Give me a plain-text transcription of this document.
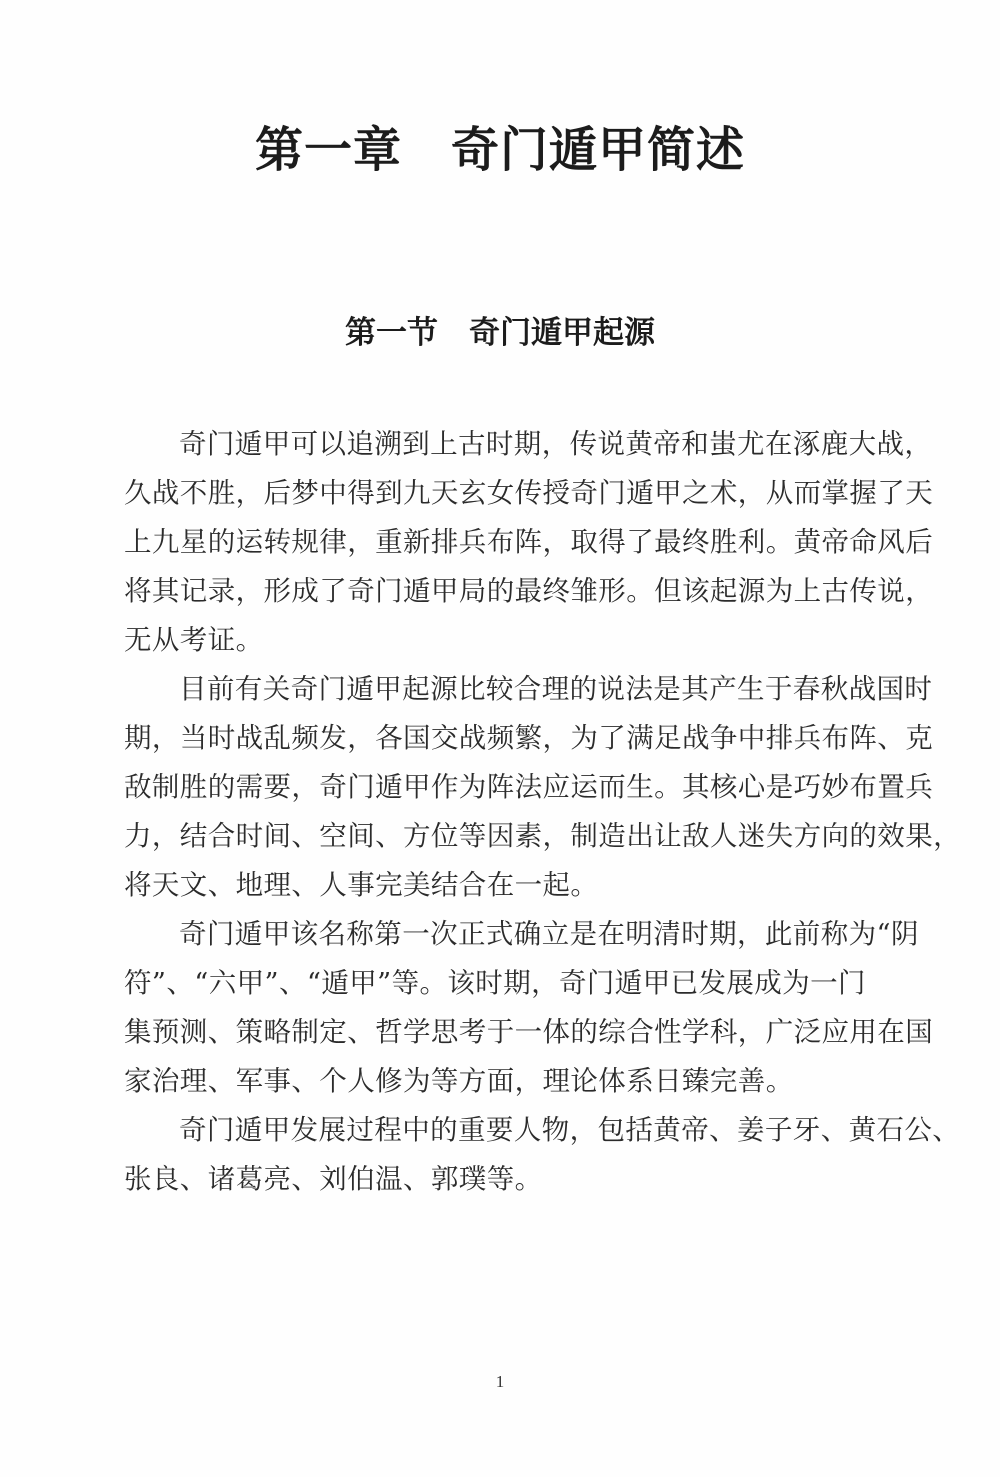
第一章　奇门遁甲简述
第一节　奇门遁甲起源
奇门遁甲可以追溯到上古时期，传说黄帝和蚩尤在涿鹿大战，
久战不胜，后梦中得到九天玄女传授奇门遁甲之术，从而掌握了天
上九星的运转规律，重新排兵布阵，取得了最终胜利。黄帝命风后
将其记录，形成了奇门遁甲局的最终雏形。但该起源为上古传说，
无从考证。
目前有关奇门遁甲起源比较合理的说法是其产生于春秋战国时
期，当时战乱频发，各国交战频繁，为了满足战争中排兵布阵、克
敌制胜的需要，奇门遁甲作为阵法应运而生。其核心是巧妙布置兵
力，结合时间、空间、方位等因素，制造出让敌人迷失方向的效果，
将天文、地理、人事完美结合在一起。
奇门遁甲该名称第一次正式确立是在明清时期，此前称为“阴
符”、“六甲”、“遁甲”等。该时期，奇门遁甲已发展成为一门
集预测、策略制定、哲学思考于一体的综合性学科，广泛应用在国
家治理、军事、个人修为等方面，理论体系日臻完善。
奇门遁甲发展过程中的重要人物，包括黄帝、姜子牙、黄石公、
张良、诸葛亮、刘伯温、郭璞等。
1
